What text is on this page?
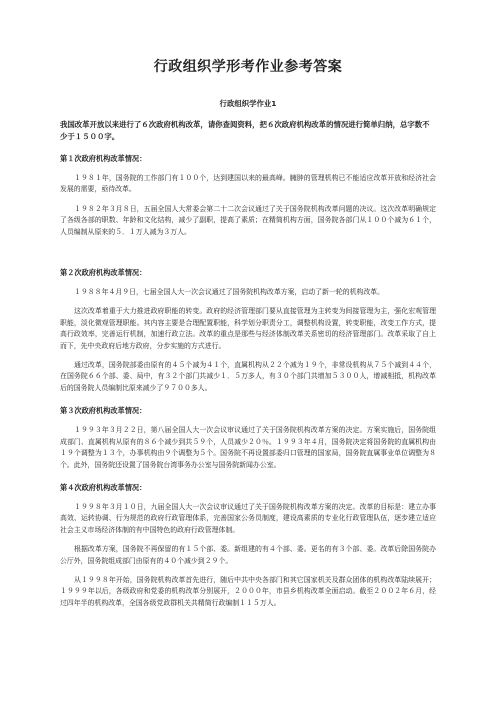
行政组织学形考作业参考答案
行政组织学作业1
我国改革开放以来进行了６次政府机构改革，请你查阅资料，把６次政府机构改革的情况进行简单归纳，总字数不少于１５００字。
第１次政府机构改革情况：

１９８１年，国务院的工作部门有１００个，达到建国以来的最高峰。臃肿的管理机构已不能适应改革开放和经济社会发展的需要，亟待改革。

１９８２年３月８日，五届全国人大常委会第二十二次会议通过了关于国务院机构改革问题的决议。这次改革明确规定了各级各部的职数、年龄和文化结构，减少了副职，提高了素质；在精简机构方面，国务院各部门从１００个减为６１个，人员编制从原来的５．１万人减为３万人。

第２次政府机构改革情况：

１９８８年４月９日，七届全国人大一次会议通过了国务院机构改革方案，启动了新一轮的机构改革。

这次改革着重于大力推进政府职能的转变。政府的经济管理部门要从直接管理为主转变为间接管理为主，强化宏观管理职能，淡化微观管理职能。其内容主要是合理配置职能，科学划分职责分工，调整机构设置，转变职能，改变工作方式，提高行政效率，完善运行机制，加速行政立法。改革的重点是那些与经济体制改革关系密切的经济管理部门。改革采取了自上而下，先中央政府后地方政府，分步实施的方式进行。

通过改革，国务院部委由原有的４５个减为４１个，直属机构从２２个减为１９个，非常设机构从７５个减到４４个，在国务院６６个部、委、局中，有３２个部门共减少１．５万多人，有３０个部门共增加５３００人，增减相抵，机构改革后的国务院人员编制比原来减少了９７００多人。

第３次政府机构改革情况：

１９９３年３月２２日，第八届全国人大一次会议审议通过了关于国务院机构改革方案的决定。方案实施后，国务院组成部门、直属机构从原有的８６个减少到共５９个，人员减少２０％。１９９３年４月，国务院决定将国务院的直属机构由１９个调整为１３个，办事机构由９个调整为５个。国务院不再设置部委归口管理的国家局，国务院直属事业单位调整为８个。此外，国务院还设置了国务院台湾事务办公室与国务院新闻办公室。

第４次政府机构改革情况：

１９９８年３月１０日，九届全国人大一次会议审议通过了关于国务院机构改革方案的决定。改革的目标是：建立办事高效、运转协调、行为规范的政府行政管理体系，完善国家公务员制度，建设高素质的专业化行政管理队伍，逐步建立适应社会主义市场经济体制的有中国特色的政府行政管理体制。

根据改革方案，国务院不再保留的有１５个部、委。新组建的有４个部、委。更名的有３个部、委。改革后除国务院办公厅外，国务院组成部门由原有的４０个减少到２９个。

从１９９８年开始，国务院机构改革首先进行，随后中共中央各部门和其它国家机关及群众团体的机构改革陆续展开；１９９９年以后，各级政府和党委的机构改革分别展开，２０００年，市县乡机构改革全面启动。截至２００２年６月，经过四年半的机构改革，全国各级党政群机关共精简行政编制１１５万人。
